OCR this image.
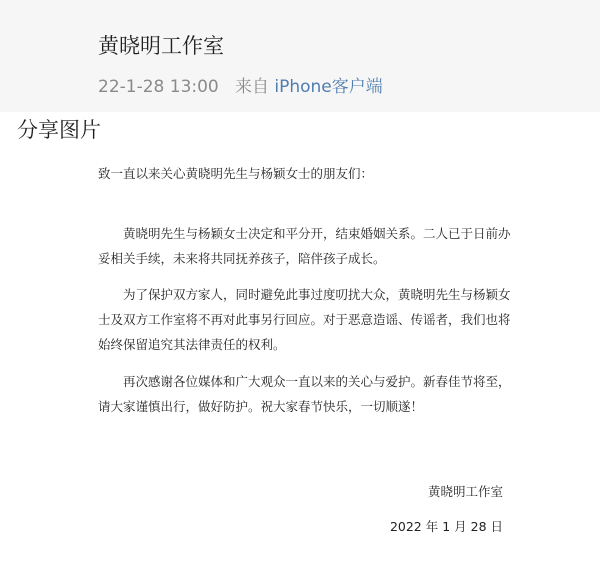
黄晓明工作室
22-1-28 13:00 来自 iPhone客户端
分享图片
致一直以来关心黄晓明先生与杨颖女士的朋友们：
黄晓明先生与杨颖女士决定和平分开，结束婚姻关系。二人已于日前办妥相关手续，未来将共同抚养孩子，陪伴孩子成长。
为了保护双方家人，同时避免此事过度叨扰大众，黄晓明先生与杨颖女士及双方工作室将不再对此事另行回应。对于恶意造谣、传谣者，我们也将始终保留追究其法律责任的权利。
再次感谢各位媒体和广大观众一直以来的关心与爱护。新春佳节将至，请大家谨慎出行，做好防护。祝大家春节快乐，一切顺遂！
黄晓明工作室
2022 年 1 月 28 日
